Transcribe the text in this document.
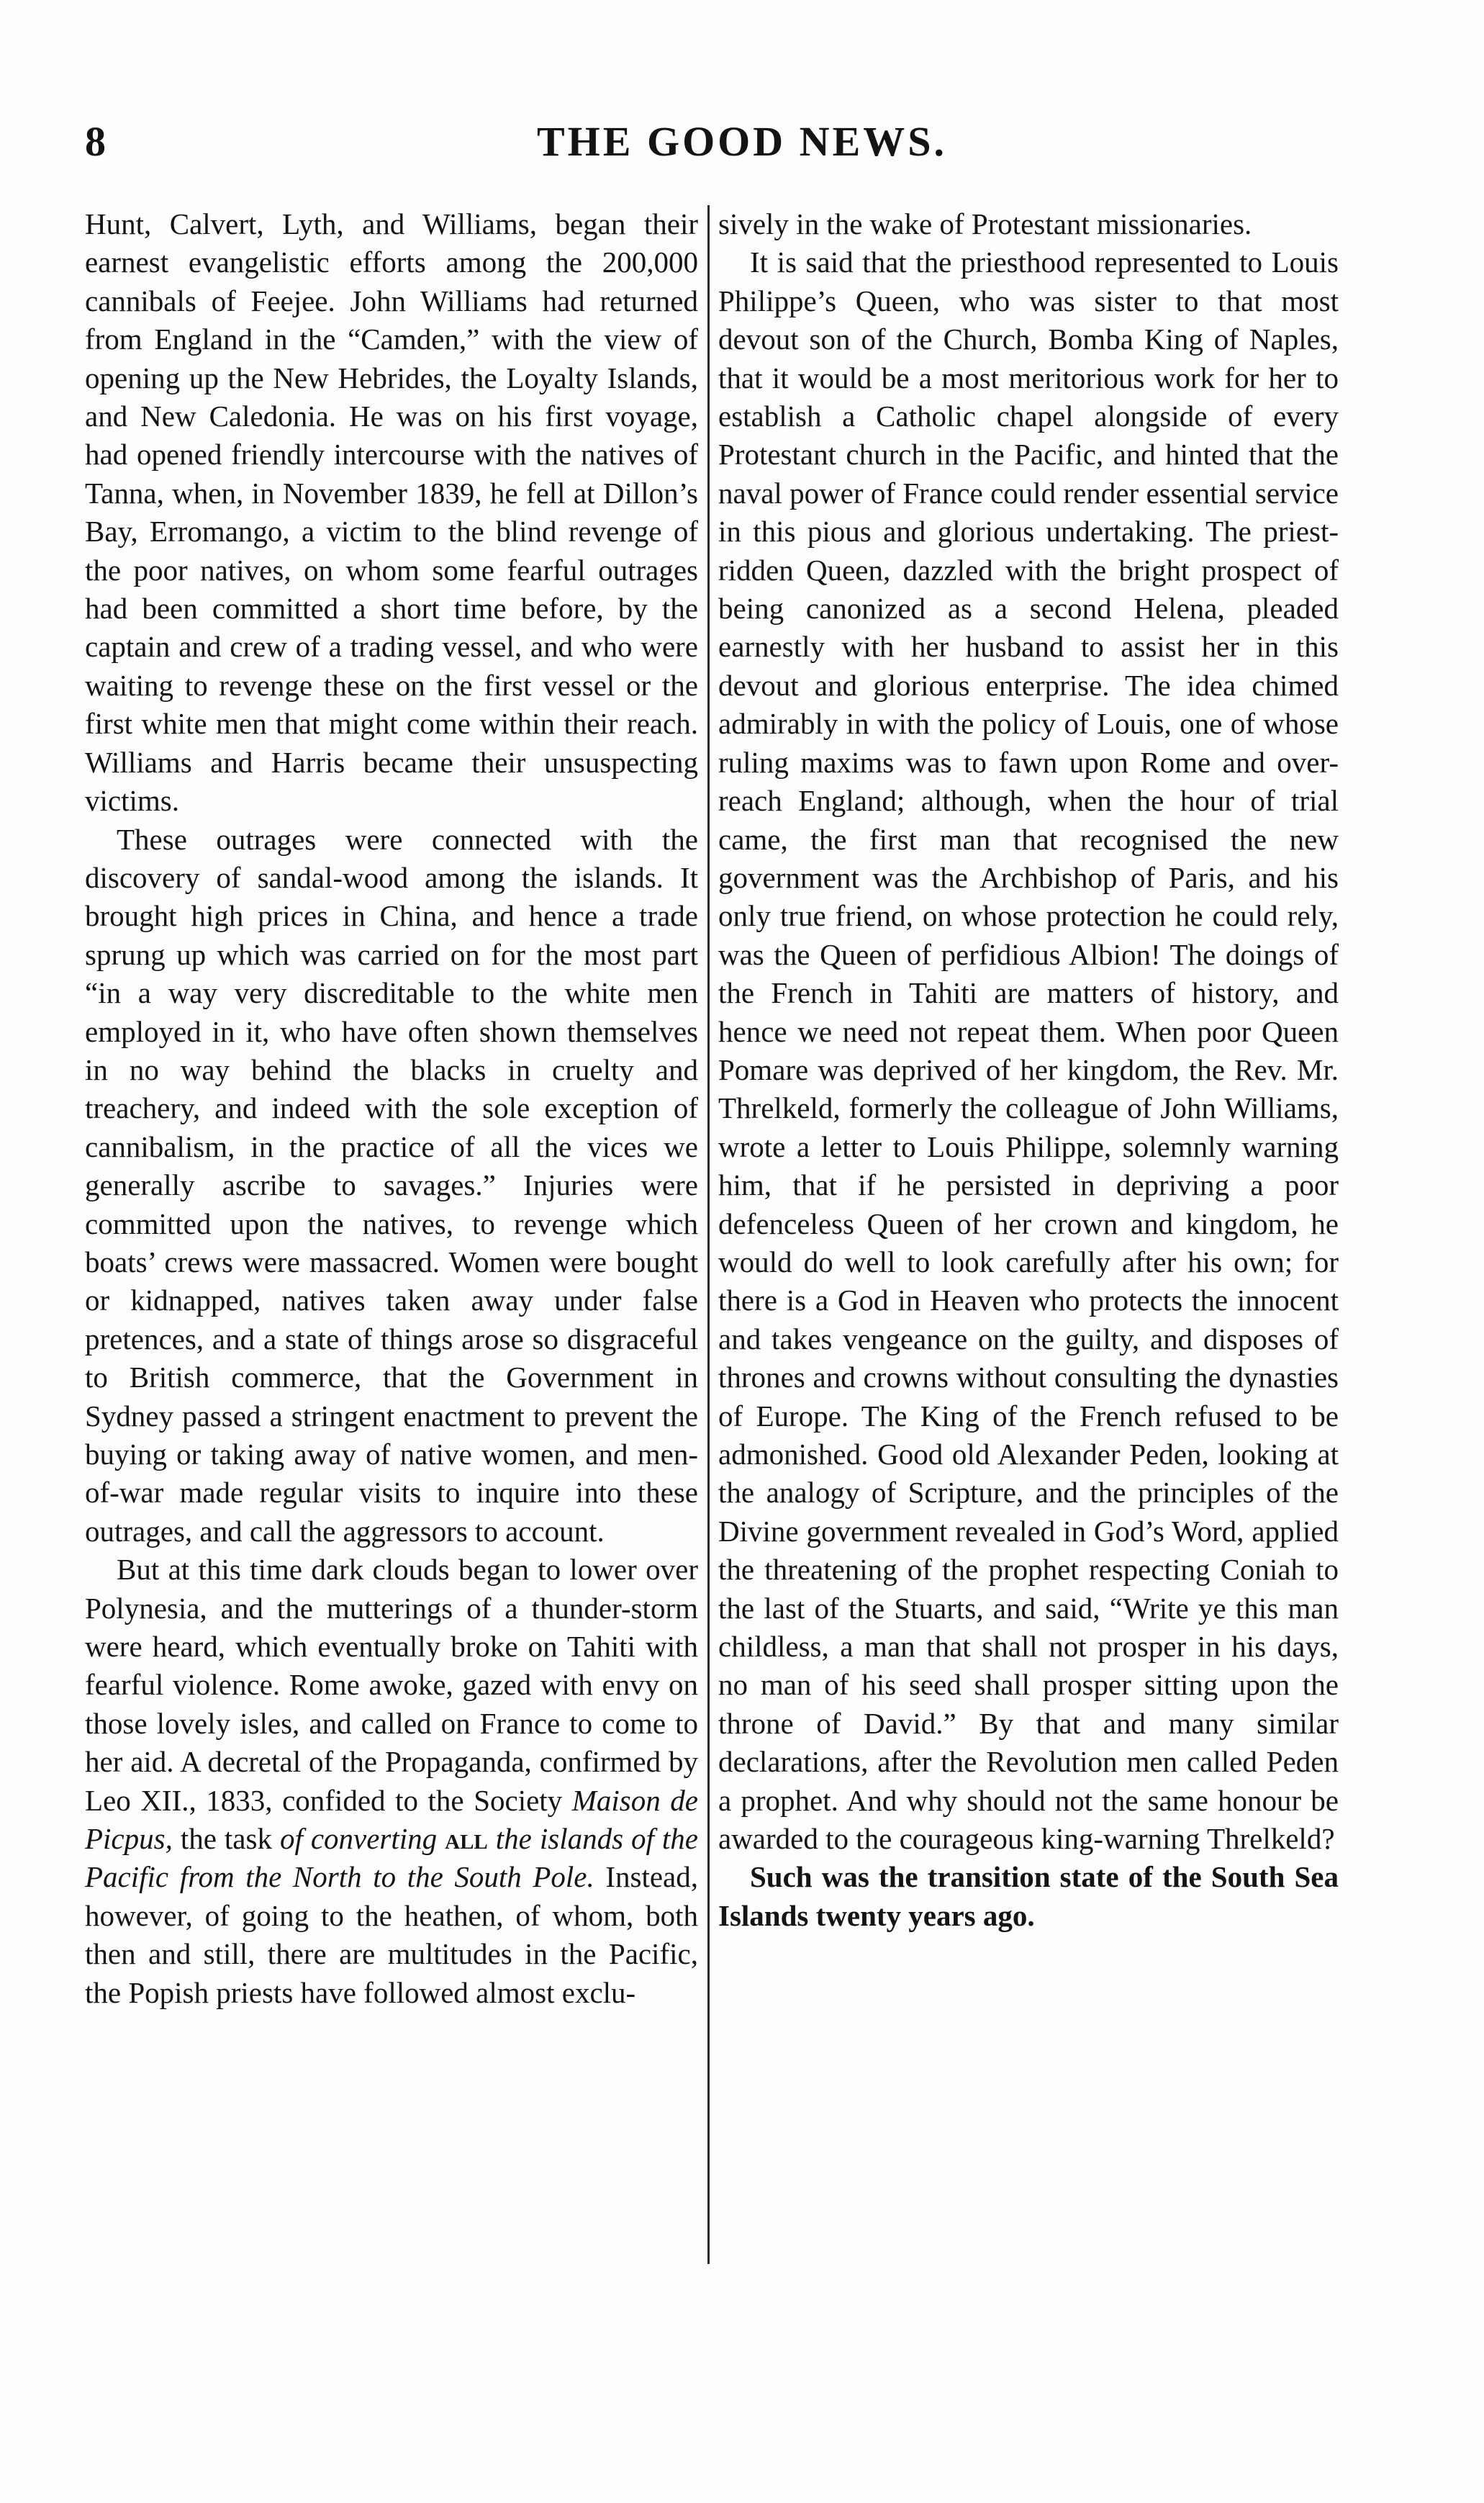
8	THE GOOD NEWS.

Hunt, Calvert, Lyth, and Williams, began their earnest evangelistic efforts among the 200,000 cannibals of Feejee. John Williams had returned from England in the “Camden,” with the view of opening up the New Hebrides, the Loyalty Islands, and New Caledonia. He was on his first voyage, had opened friendly intercourse with the natives of Tanna, when, in November 1839, he fell at Dillon’s Bay, Erromango, a victim to the blind revenge of the poor natives, on whom some fearful outrages had been committed a short time before, by the captain and crew of a trading vessel, and who were waiting to revenge these on the first vessel or the first white men that might come within their reach. Williams and Harris became their unsuspecting victims.

These outrages were connected with the discovery of sandal-wood among the islands. It brought high prices in China, and hence a trade sprung up which was carried on for the most part “in a way very discreditable to the white men employed in it, who have often shown themselves in no way behind the blacks in cruelty and treachery, and indeed with the sole exception of cannibalism, in the practice of all the vices we generally ascribe to savages.” Injuries were committed upon the natives, to revenge which boats’ crews were massacred. Women were bought or kidnapped, natives taken away under false pretences, and a state of things arose so disgraceful to British commerce, that the Government in Sydney passed a stringent enactment to prevent the buying or taking away of native women, and men-of-war made regular visits to inquire into these outrages, and call the aggressors to account.

But at this time dark clouds began to lower over Polynesia, and the mutterings of a thunder-storm were heard, which eventually broke on Tahiti with fearful violence. Rome awoke, gazed with envy on those lovely isles, and called on France to come to her aid. A decretal of the Propaganda, confirmed by Leo XII., 1833, confided to the Society Maison de Picpus, the task of converting all the islands of the Pacific from the North to the South Pole. Instead, however, of going to the heathen, of whom, both then and still, there are multitudes in the Pacific, the Popish priests have followed almost exclu-

sively in the wake of Protestant missionaries.

It is said that the priesthood represented to Louis Philippe’s Queen, who was sister to that most devout son of the Church, Bomba King of Naples, that it would be a most meritorious work for her to establish a Catholic chapel alongside of every Protestant church in the Pacific, and hinted that the naval power of France could render essential service in this pious and glorious undertaking. The priest-ridden Queen, dazzled with the bright prospect of being canonized as a second Helena, pleaded earnestly with her husband to assist her in this devout and glorious enterprise. The idea chimed admirably in with the policy of Louis, one of whose ruling maxims was to fawn upon Rome and over-reach England; although, when the hour of trial came, the first man that recognised the new government was the Archbishop of Paris, and his only true friend, on whose protection he could rely, was the Queen of perfidious Albion! The doings of the French in Tahiti are matters of history, and hence we need not repeat them. When poor Queen Pomare was deprived of her kingdom, the Rev. Mr. Threlkeld, formerly the colleague of John Williams, wrote a letter to Louis Philippe, solemnly warning him, that if he persisted in depriving a poor defenceless Queen of her crown and kingdom, he would do well to look carefully after his own; for there is a God in Heaven who protects the innocent and takes vengeance on the guilty, and disposes of thrones and crowns without consulting the dynasties of Europe. The King of the French refused to be admonished. Good old Alexander Peden, looking at the analogy of Scripture, and the principles of the Divine government revealed in God’s Word, applied the threatening of the prophet respecting Coniah to the last of the Stuarts, and said, “Write ye this man childless, a man that shall not prosper in his days, no man of his seed shall prosper sitting upon the throne of David.” By that and many similar declarations, after the Revolution men called Peden a prophet. And why should not the same honour be awarded to the courageous king-warning Threlkeld?

Such was the transition state of the South Sea Islands twenty years ago.
